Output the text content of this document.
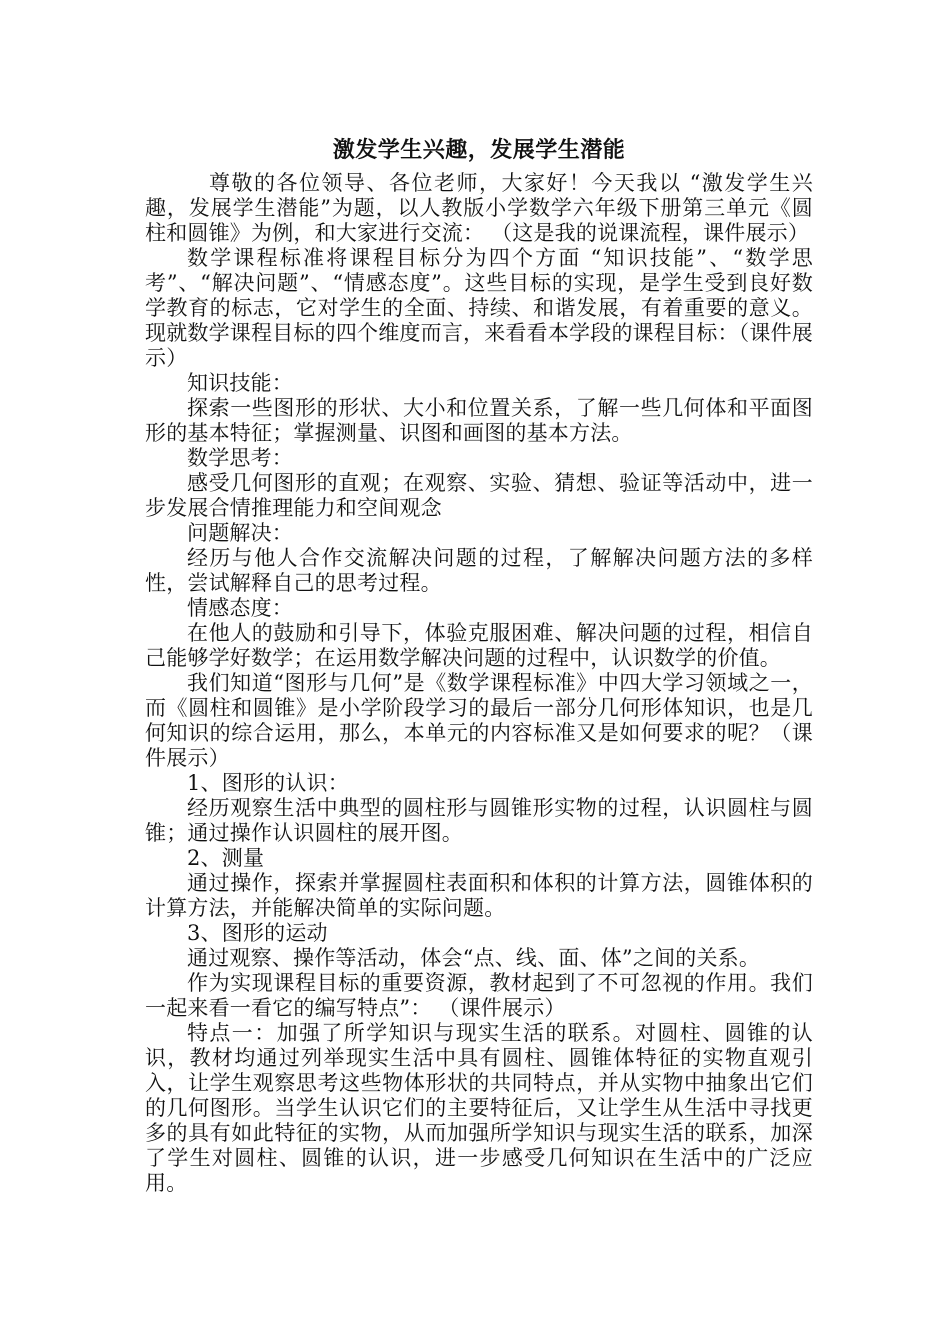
激发学生兴趣，发展学生潜能

尊敬的各位领导、各位老师，大家好！今天我以 “激发学生兴趣，发展学生潜能”为题，以人教版小学数学六年级下册第三单元《圆柱和圆锥》为例，和大家进行交流： （这是我的说课流程，课件展示）

数学课程标准将课程目标分为四个方面 “知识技能”、“数学思考”、“解决问题”、“情感态度”。这些目标的实现，是学生受到良好数学教育的标志，它对学生的全面、持续、和谐发展，有着重要的意义。现就数学课程目标的四个维度而言，来看看本学段的课程目标：（课件展示）

知识技能：

探索一些图形的形状、大小和位置关系，了解一些几何体和平面图形的基本特征；掌握测量、识图和画图的基本方法。

数学思考：

感受几何图形的直观；在观察、实验、猜想、验证等活动中，进一步发展合情推理能力和空间观念

问题解决：

经历与他人合作交流解决问题的过程，了解解决问题方法的多样性，尝试解释自己的思考过程。

情感态度：

在他人的鼓励和引导下，体验克服困难、解决问题的过程，相信自己能够学好数学；在运用数学解决问题的过程中，认识数学的价值。

我们知道“图形与几何”是《数学课程标准》中四大学习领域之一，而《圆柱和圆锥》是小学阶段学习的最后一部分几何形体知识，也是几何知识的综合运用，那么，本单元的内容标准又是如何要求的呢？（课件展示）

1、图形的认识：

经历观察生活中典型的圆柱形与圆锥形实物的过程，认识圆柱与圆锥；通过操作认识圆柱的展开图。

2、测量

通过操作，探索并掌握圆柱表面积和体积的计算方法，圆锥体积的计算方法，并能解决简单的实际问题。

3、图形的运动

通过观察、操作等活动，体会“点、线、面、体”之间的关系。

作为实现课程目标的重要资源，教材起到了不可忽视的作用。我们一起来看一看它的编写特点”： （课件展示）

特点一：加强了所学知识与现实生活的联系。对圆柱、圆锥的认识，教材均通过列举现实生活中具有圆柱、圆锥体特征的实物直观引入，让学生观察思考这些物体形状的共同特点，并从实物中抽象出它们的几何图形。当学生认识它们的主要特征后，又让学生从生活中寻找更多的具有如此特征的实物，从而加强所学知识与现实生活的联系，加深了学生对圆柱、圆锥的认识，进一步感受几何知识在生活中的广泛应用。
